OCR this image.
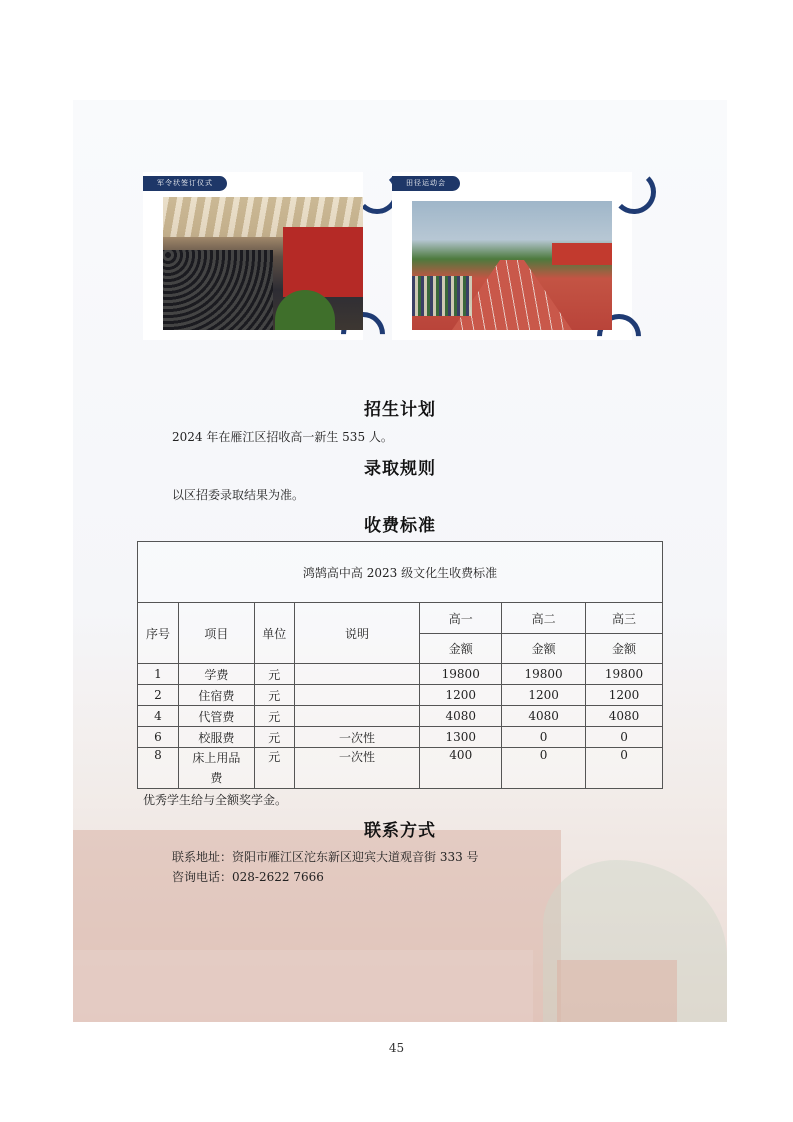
军令状签订仪式	田径运动会
招生计划

2024 年在雁江区招收高一新生 535 人。

录取规则

以区招委录取结果为准。

收费标准
鸿鹄高中高 2023 级文化生收费标准						
序号	项目	单位	说明	高一	高二	高三
				金额	金额	金额
1	学费	元		19800	19800	19800
2	住宿费	元		1200	1200	1200
4	代管费	元		4080	4080	4080
6	校服费	元	一次性	1300	0	0
8	床上用品费	元	一次性	400	0	0

优秀学生给与全额奖学金。

联系方式

联系地址：资阳市雁江区沱东新区迎宾大道观音街 333 号

咨询电话：028-2622 7666

45
